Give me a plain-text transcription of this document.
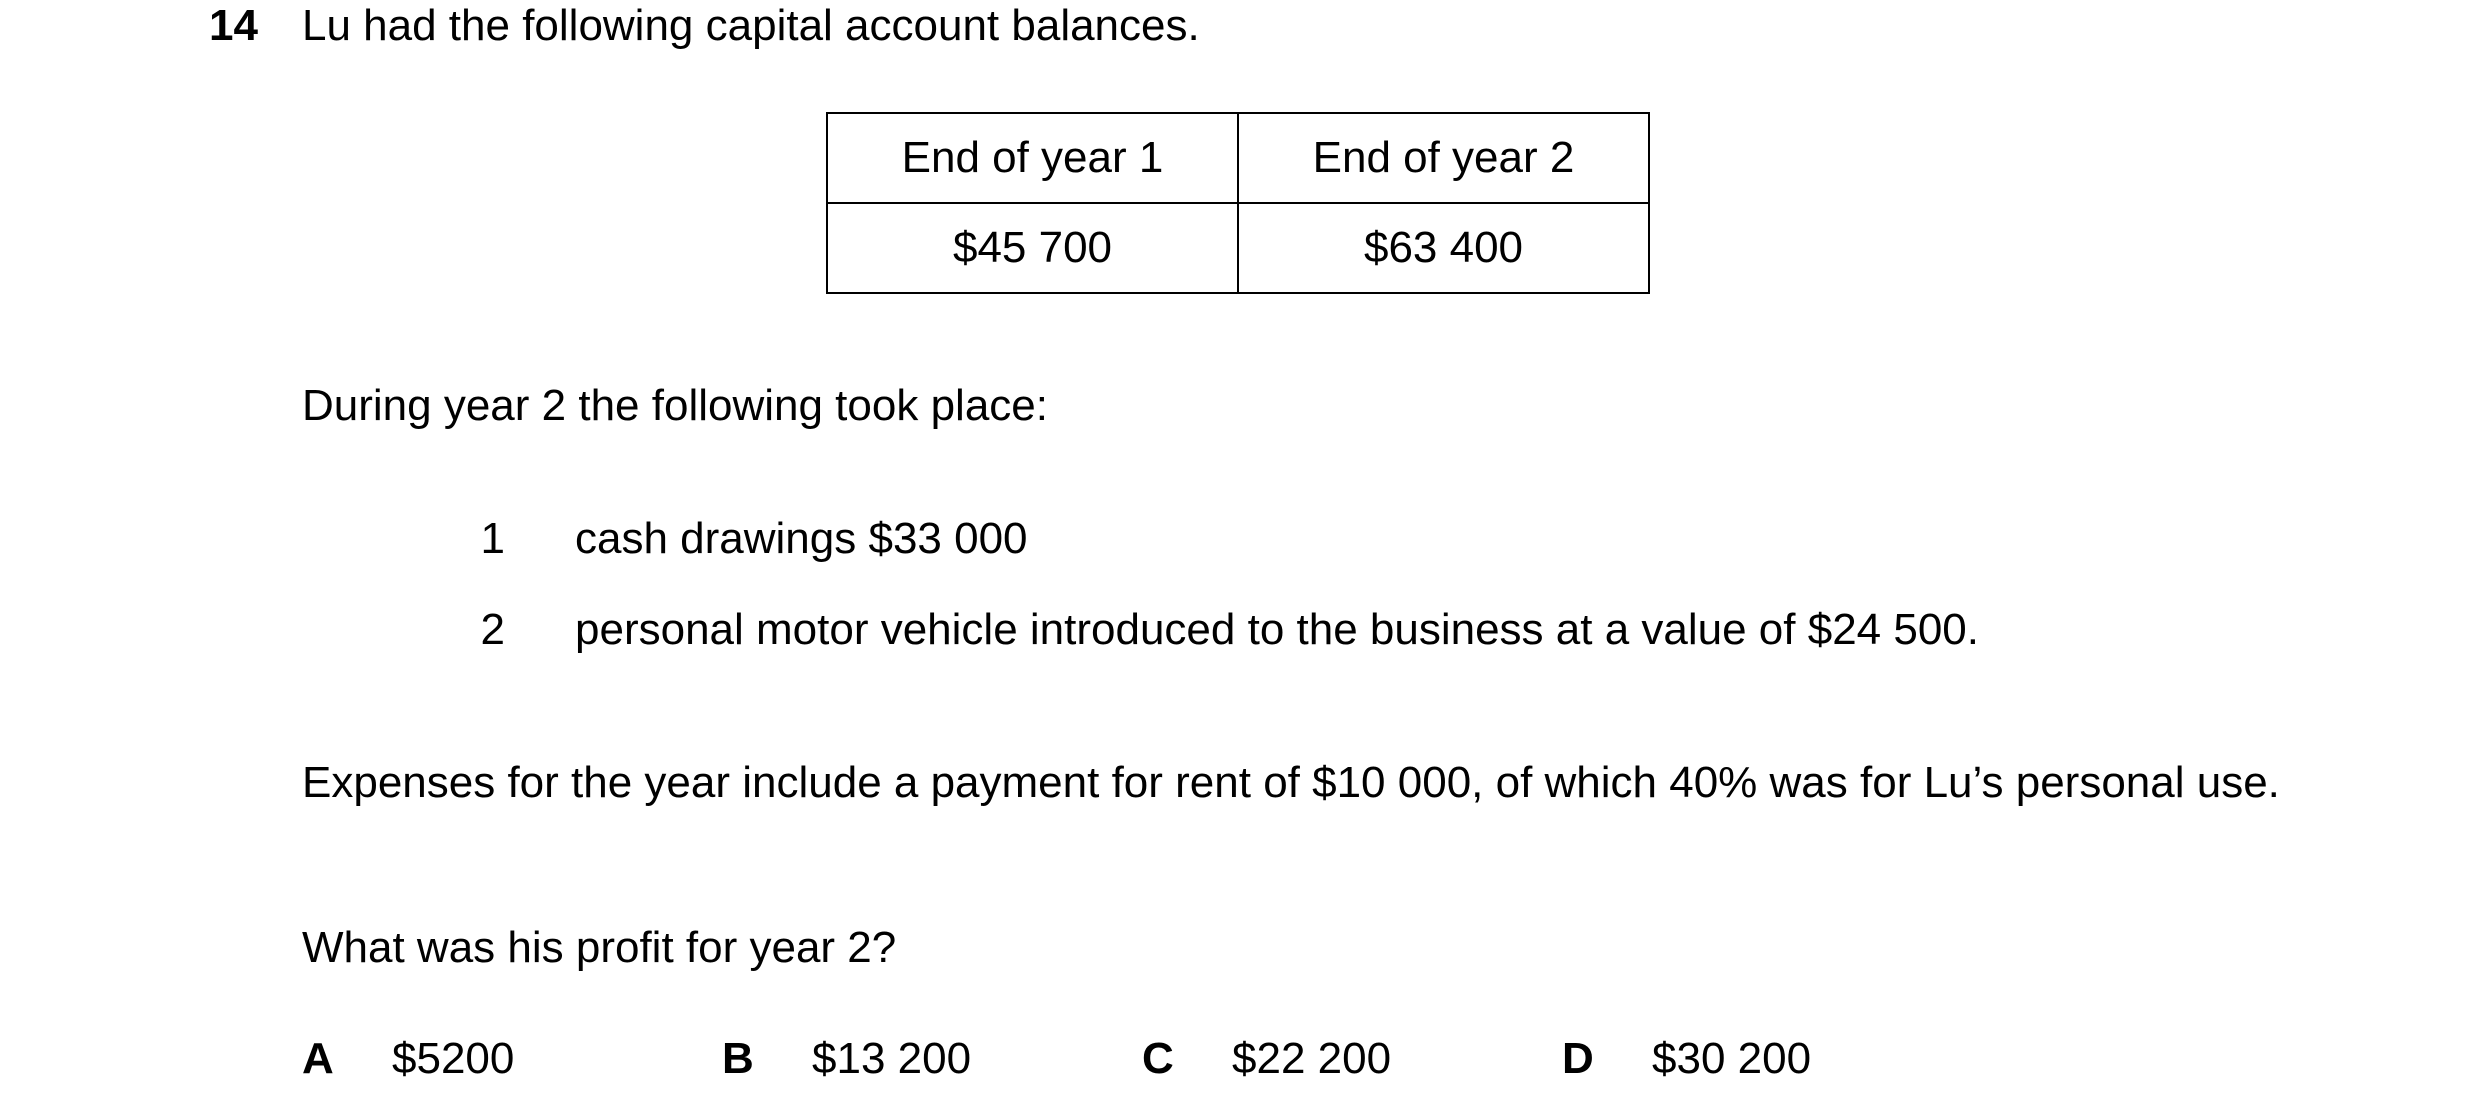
14 Lu had the following capital account balances.
End of year 1	End of year 2
$45 700	$63 400
During year 2 the following took place:
1 cash drawings $33 000
2 personal motor vehicle introduced to the business at a value of $24 500.
Expenses for the year include a payment for rent of $10 000, of which 40% was for Lu’s personal use.
What was his profit for year 2?
A $5200	B $13 200	C $22 200	D $30 200
